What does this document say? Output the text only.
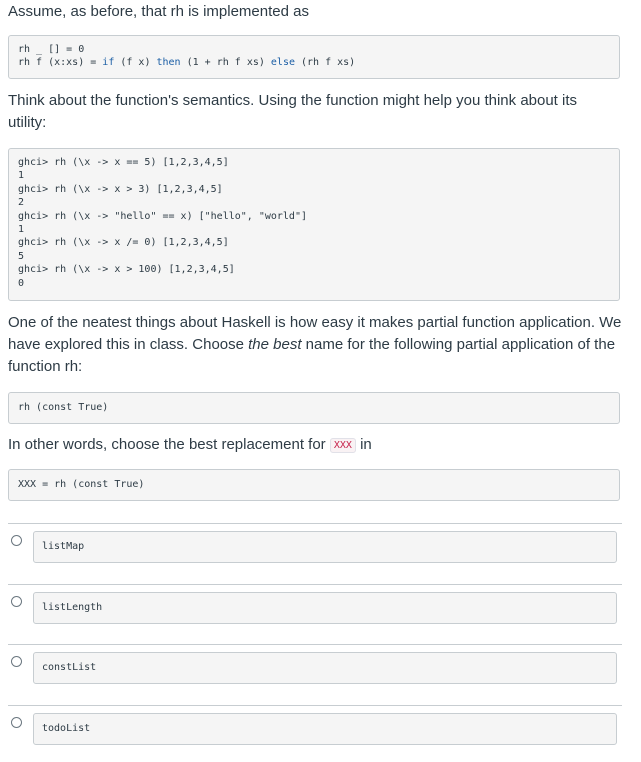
Assume, as before, that rh is implemented as

rh _ [] = 0
rh f (x:xs) = if (f x) then (1 + rh f xs) else (rh f xs)

Think about the function's semantics. Using the function might help you think about its utility:

ghci> rh (\x -> x == 5) [1,2,3,4,5]
1
ghci> rh (\x -> x > 3) [1,2,3,4,5]
2
ghci> rh (\x -> "hello" == x) ["hello", "world"]
1
ghci> rh (\x -> x /= 0) [1,2,3,4,5]
5
ghci> rh (\x -> x > 100) [1,2,3,4,5]
0

One of the neatest things about Haskell is how easy it makes partial function application. We have explored this in class. Choose the best name for the following partial application of the function rh:

rh (const True)

In other words, choose the best replacement for XXX in

XXX = rh (const True)
listMap
listLength
constList
todoList
